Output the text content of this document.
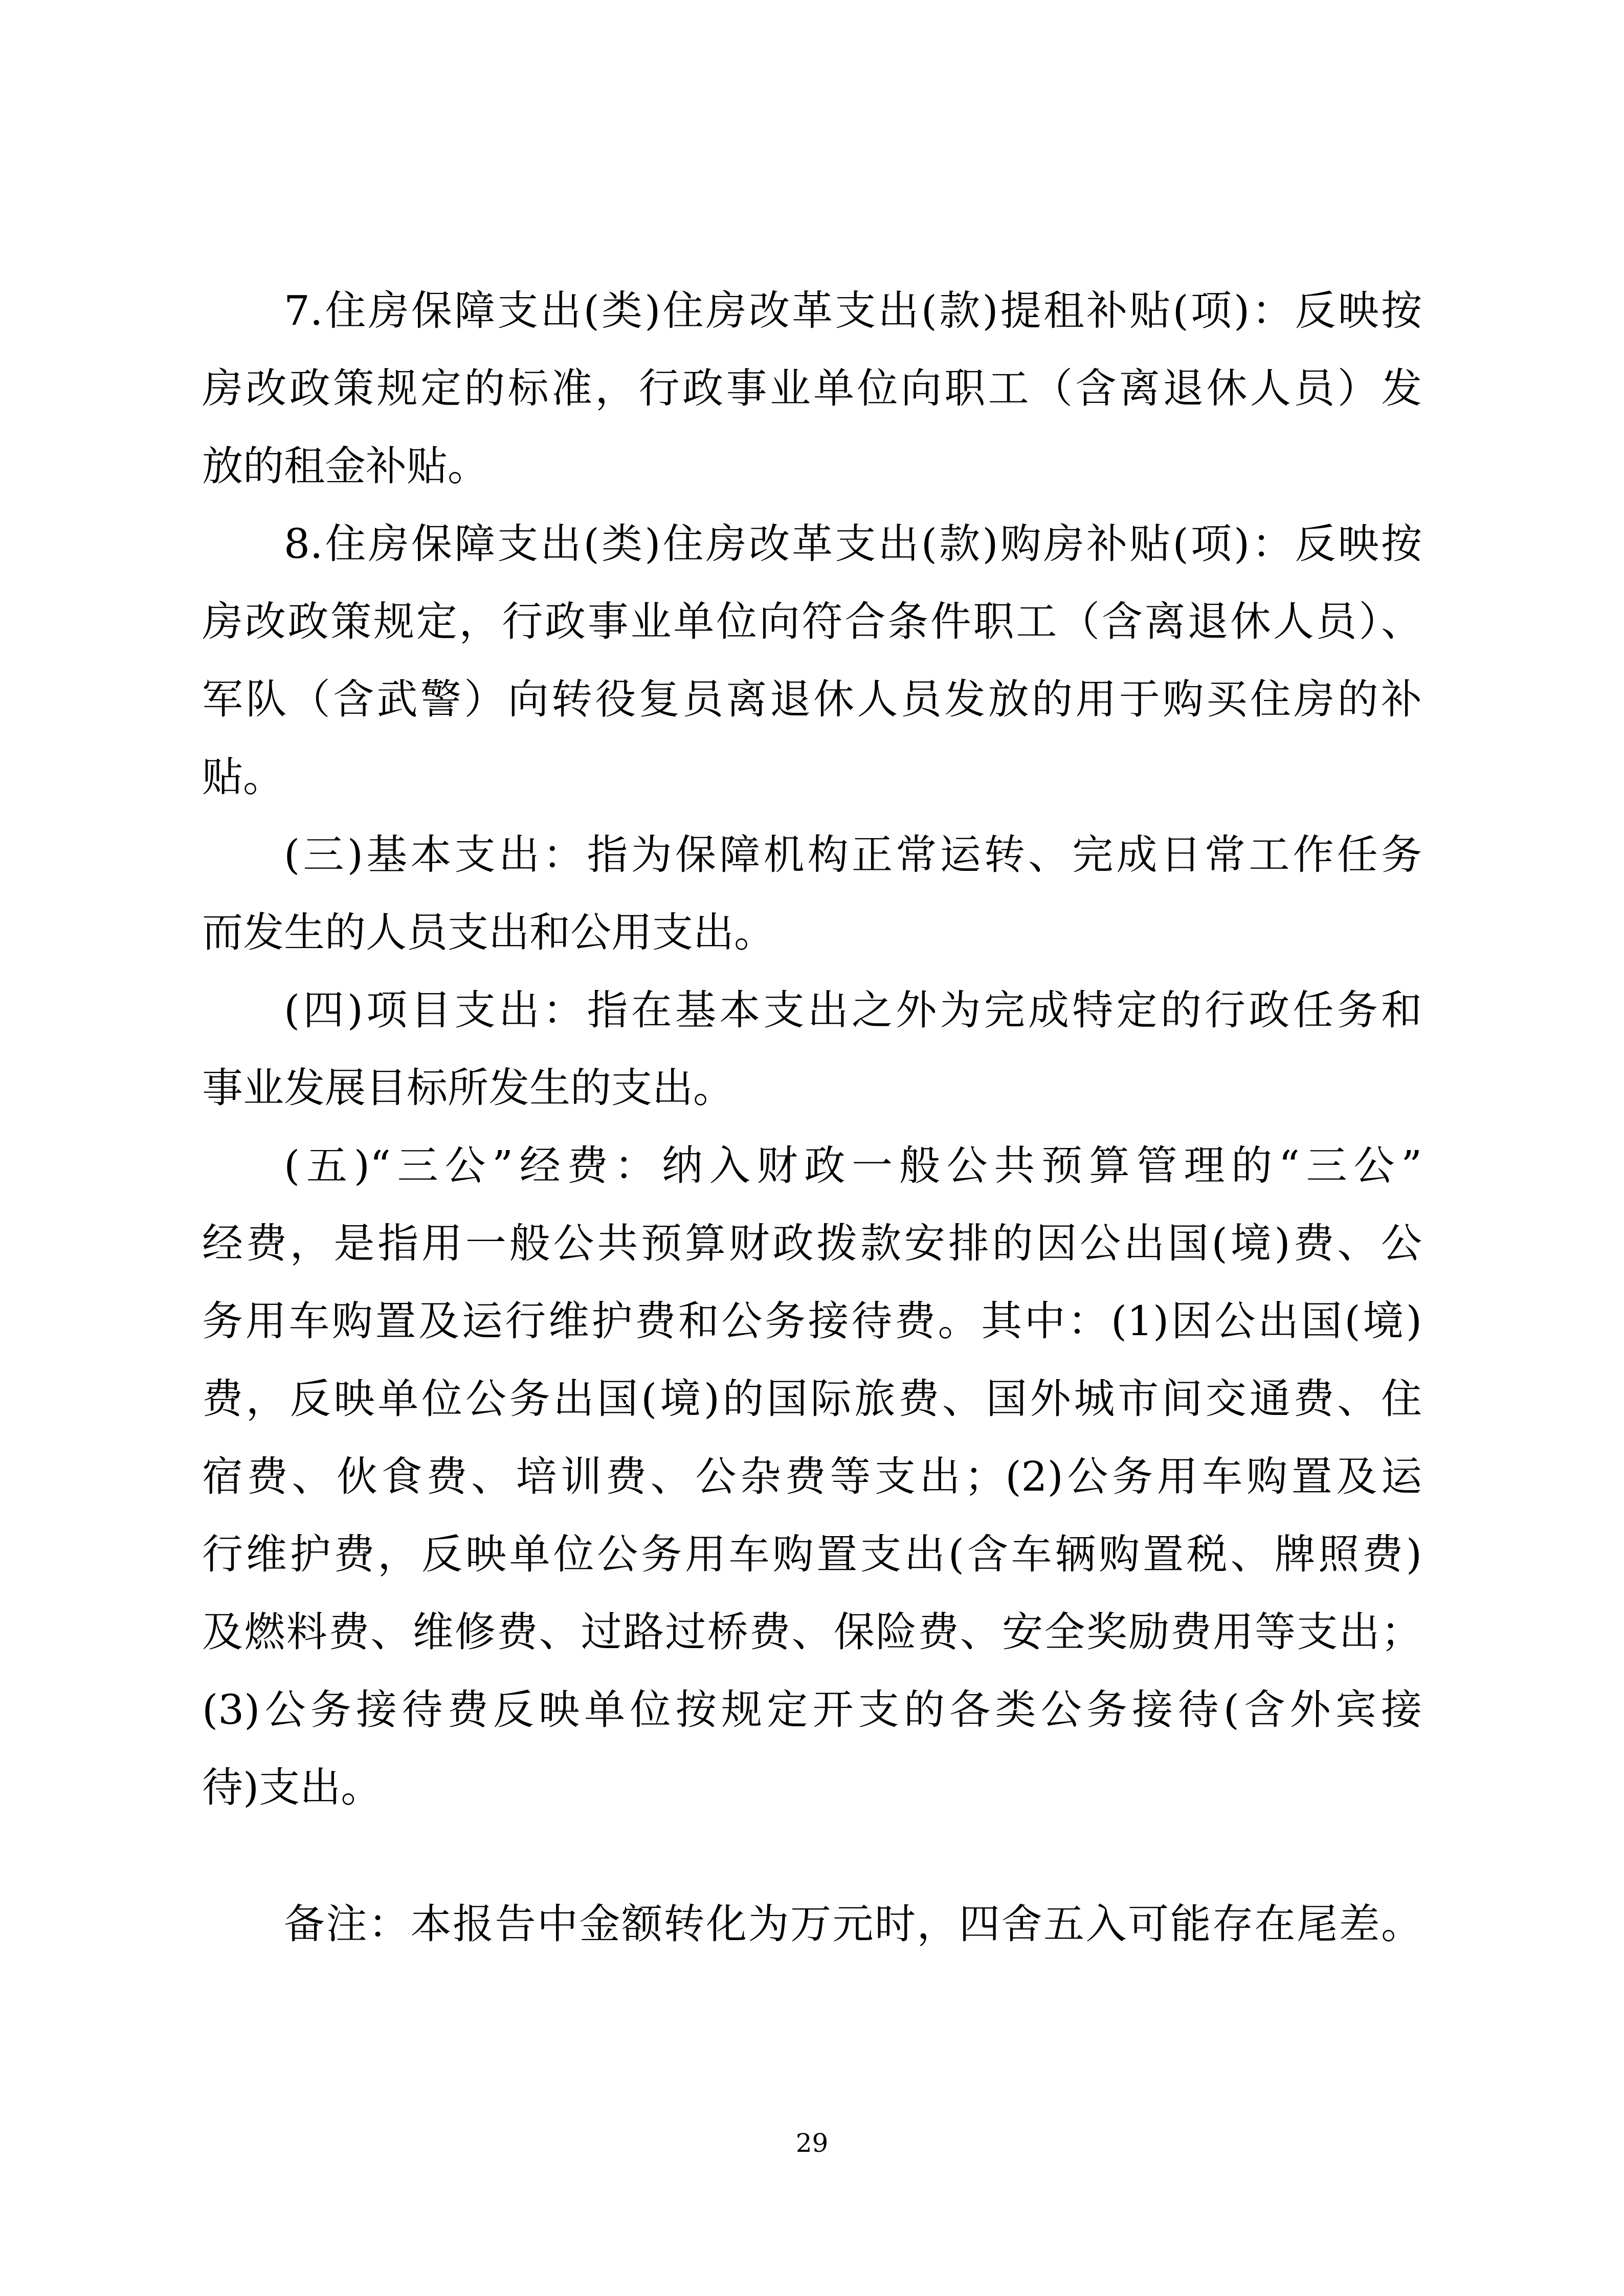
7.住房保障支出(类)住房改革支出(款)提租补贴(项)：反映按
房改政策规定的标准，行政事业单位向职工（含离退休人员）发
放的租金补贴。
8.住房保障支出(类)住房改革支出(款)购房补贴(项)：反映按
房改政策规定，行政事业单位向符合条件职工（含离退休人员）、
军队（含武警）向转役复员离退休人员发放的用于购买住房的补
贴。
(三)基本支出：指为保障机构正常运转、完成日常工作任务
而发生的人员支出和公用支出。
(四)项目支出：指在基本支出之外为完成特定的行政任务和
事业发展目标所发生的支出。
(五)“三公”经费：纳入财政一般公共预算管理的“三公”
经费，是指用一般公共预算财政拨款安排的因公出国(境)费、公
务用车购置及运行维护费和公务接待费。其中：(1)因公出国(境)
费，反映单位公务出国(境)的国际旅费、国外城市间交通费、住
宿费、伙食费、培训费、公杂费等支出；(2)公务用车购置及运
行维护费，反映单位公务用车购置支出(含车辆购置税、牌照费)
及燃料费、维修费、过路过桥费、保险费、安全奖励费用等支出；
(3)公务接待费反映单位按规定开支的各类公务接待(含外宾接
待)支出。
备注：本报告中金额转化为万元时，四舍五入可能存在尾差。
29
